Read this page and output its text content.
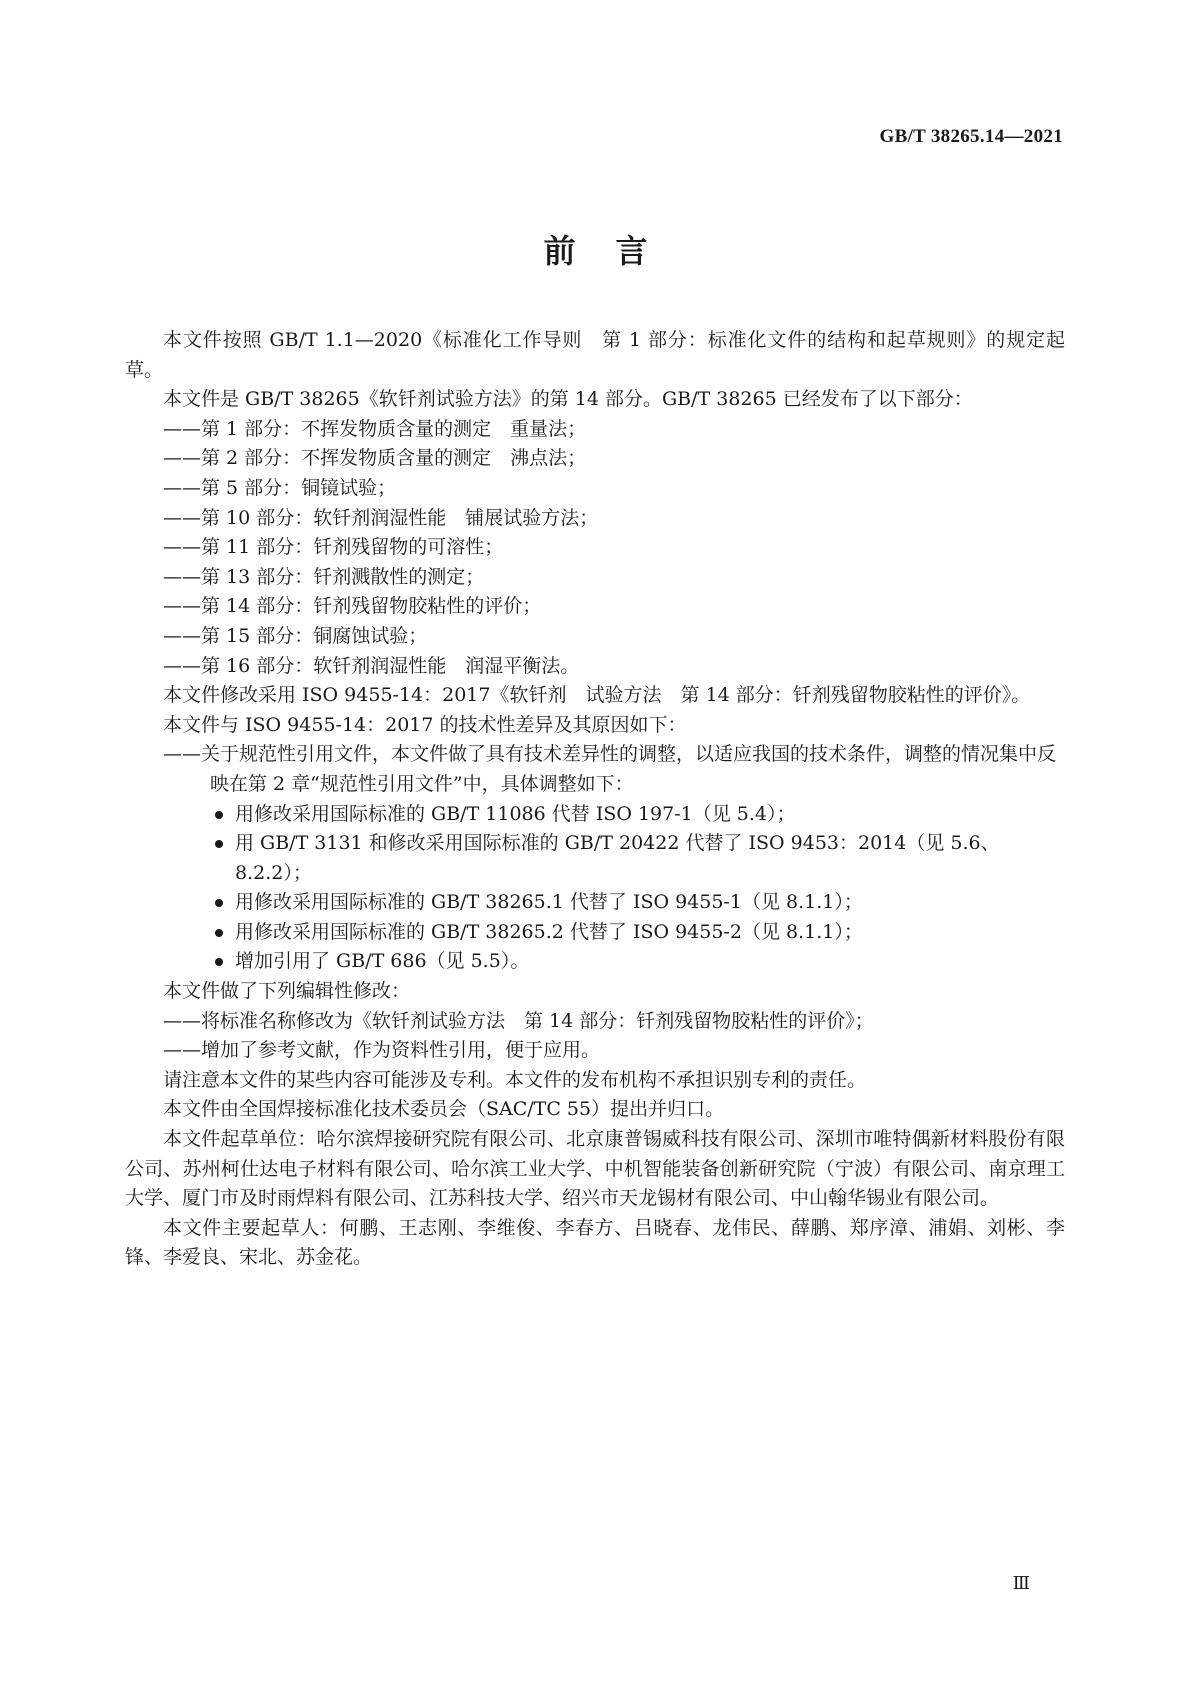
GB/T 38265.14—2021
前言

本文件按照 GB/T 1.1—2020《标准化工作导则　第 1 部分：标准化文件的结构和起草规则》的规定起草。

本文件是 GB/T 38265《软钎剂试验方法》的第 14 部分。GB/T 38265 已经发布了以下部分：

——第 1 部分：不挥发物质含量的测定　重量法；

——第 2 部分：不挥发物质含量的测定　沸点法；

——第 5 部分：铜镜试验；

——第 10 部分：软钎剂润湿性能　铺展试验方法；

——第 11 部分：钎剂残留物的可溶性；

——第 13 部分：钎剂溅散性的测定；

——第 14 部分：钎剂残留物胶粘性的评价；

——第 15 部分：铜腐蚀试验；

——第 16 部分：软钎剂润湿性能　润湿平衡法。

本文件修改采用 ISO 9455-14：2017《软钎剂　试验方法　第 14 部分：钎剂残留物胶粘性的评价》。

本文件与 ISO 9455-14：2017 的技术性差异及其原因如下：

——关于规范性引用文件，本文件做了具有技术差异性的调整，以适应我国的技术条件，调整的情况集中反映在第 2 章“规范性引用文件”中，具体调整如下：

用修改采用国际标准的 GB/T 11086 代替 ISO 197-1（见 5.4）；

用 GB/T 3131 和修改采用国际标准的 GB/T 20422 代替了 ISO 9453：2014（见 5.6、8.2.2）；

用修改采用国际标准的 GB/T 38265.1 代替了 ISO 9455-1（见 8.1.1）；

用修改采用国际标准的 GB/T 38265.2 代替了 ISO 9455-2（见 8.1.1）；

增加引用了 GB/T 686（见 5.5）。

本文件做了下列编辑性修改：

——将标准名称修改为《软钎剂试验方法　第 14 部分：钎剂残留物胶粘性的评价》；

——增加了参考文献，作为资料性引用，便于应用。

请注意本文件的某些内容可能涉及专利。本文件的发布机构不承担识别专利的责任。

本文件由全国焊接标准化技术委员会（SAC/TC 55）提出并归口。

本文件起草单位：哈尔滨焊接研究院有限公司、北京康普锡威科技有限公司、深圳市唯特偶新材料股份有限公司、苏州柯仕达电子材料有限公司、哈尔滨工业大学、中机智能装备创新研究院（宁波）有限公司、南京理工大学、厦门市及时雨焊料有限公司、江苏科技大学、绍兴市天龙锡材有限公司、中山翰华锡业有限公司。

本文件主要起草人：何鹏、王志刚、李维俊、李春方、吕晓春、龙伟民、薛鹏、郑序漳、浦娟、刘彬、李锋、李爱良、宋北、苏金花。

Ⅲ
